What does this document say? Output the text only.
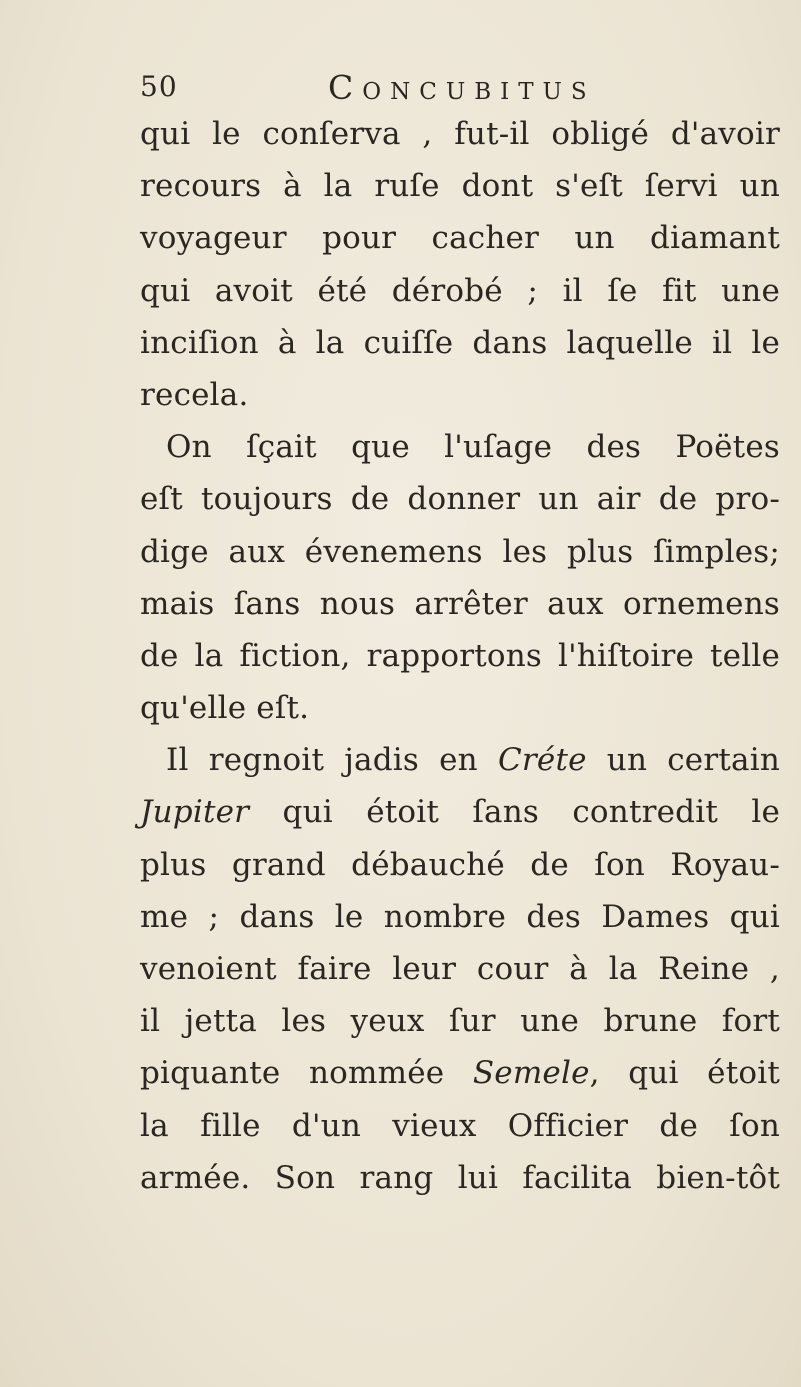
50	Concubitus
qui le conſerva , fut-il obligé d'avoir
recours à la ruſe dont s'eſt ſervi un
voyageur pour cacher un diamant
qui avoit été dérobé ; il ſe fit une
inciſion à la cuiſſe dans laquelle il le
recela.
On ſçait que l'uſage des Poëtes
eſt toujours de donner un air de pro-
dige aux évenemens les plus ſimples;
mais ſans nous arrêter aux ornemens
de la fiction, rapportons l'hiſtoire telle
qu'elle eſt.
Il regnoit jadis en Créte un certain
Jupiter qui étoit ſans contredit le
plus grand débauché de ſon Royau-
me ; dans le nombre des Dames qui
venoient faire leur cour à la Reine ,
il jetta les yeux ſur une brune fort
piquante nommée Semele, qui étoit
la fille d'un vieux Officier de ſon
armée. Son rang lui facilita bien-tôt
